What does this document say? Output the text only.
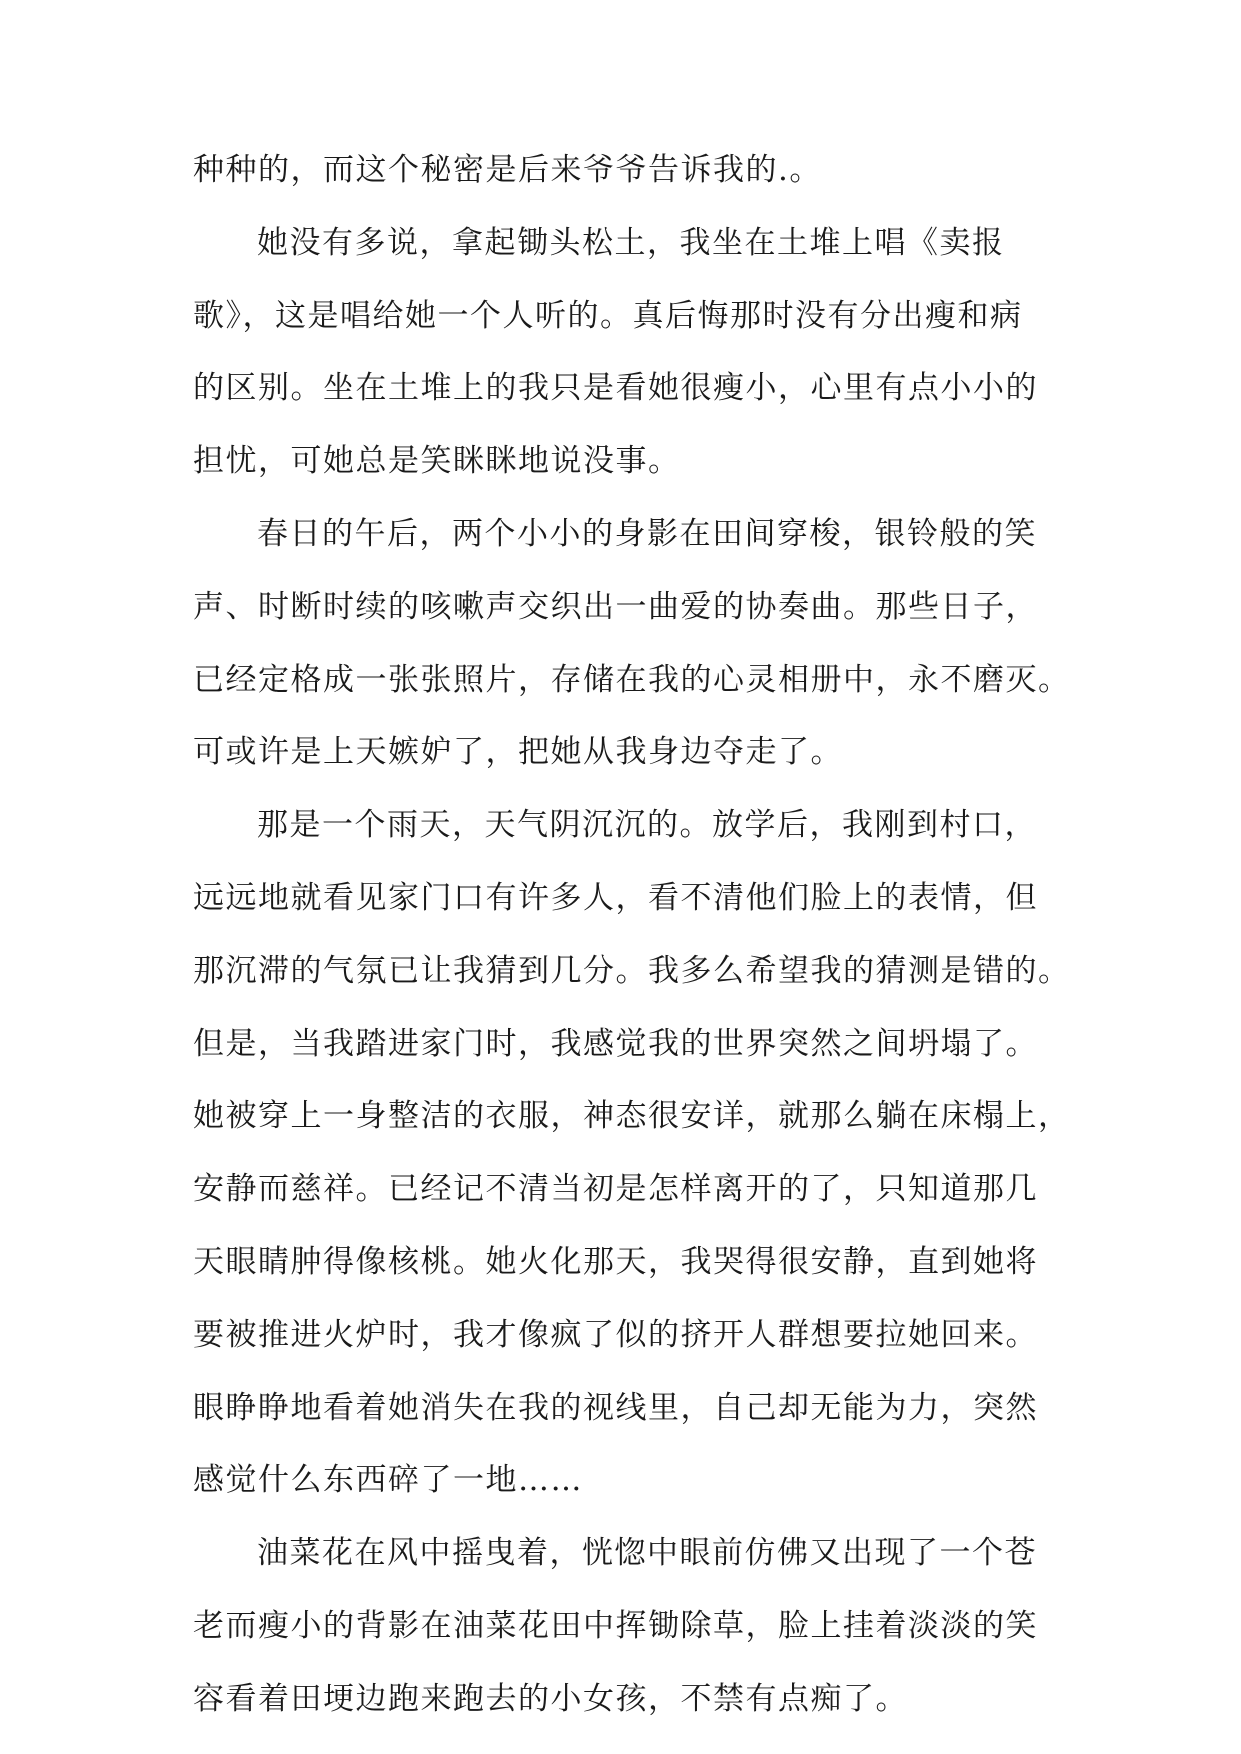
种种的，而这个秘密是后来爷爷告诉我的.。
她没有多说，拿起锄头松土，我坐在土堆上唱《卖报
歌》，这是唱给她一个人听的。真后悔那时没有分出瘦和病
的区别。坐在土堆上的我只是看她很瘦小，心里有点小小的
担忧，可她总是笑眯眯地说没事。
春日的午后，两个小小的身影在田间穿梭，银铃般的笑
声、时断时续的咳嗽声交织出一曲爱的协奏曲。那些日子，
已经定格成一张张照片，存储在我的心灵相册中，永不磨灭。
可或许是上天嫉妒了，把她从我身边夺走了。
那是一个雨天，天气阴沉沉的。放学后，我刚到村口，
远远地就看见家门口有许多人，看不清他们脸上的表情，但
那沉滞的气氛已让我猜到几分。我多么希望我的猜测是错的。
但是，当我踏进家门时，我感觉我的世界突然之间坍塌了。
她被穿上一身整洁的衣服，神态很安详，就那么躺在床榻上，
安静而慈祥。已经记不清当初是怎样离开的了，只知道那几
天眼睛肿得像核桃。她火化那天，我哭得很安静，直到她将
要被推进火炉时，我才像疯了似的挤开人群想要拉她回来。
眼睁睁地看着她消失在我的视线里，自己却无能为力，突然
感觉什么东西碎了一地……
油菜花在风中摇曳着，恍惚中眼前仿佛又出现了一个苍
老而瘦小的背影在油菜花田中挥锄除草，脸上挂着淡淡的笑
容看着田埂边跑来跑去的小女孩，不禁有点痴了。
